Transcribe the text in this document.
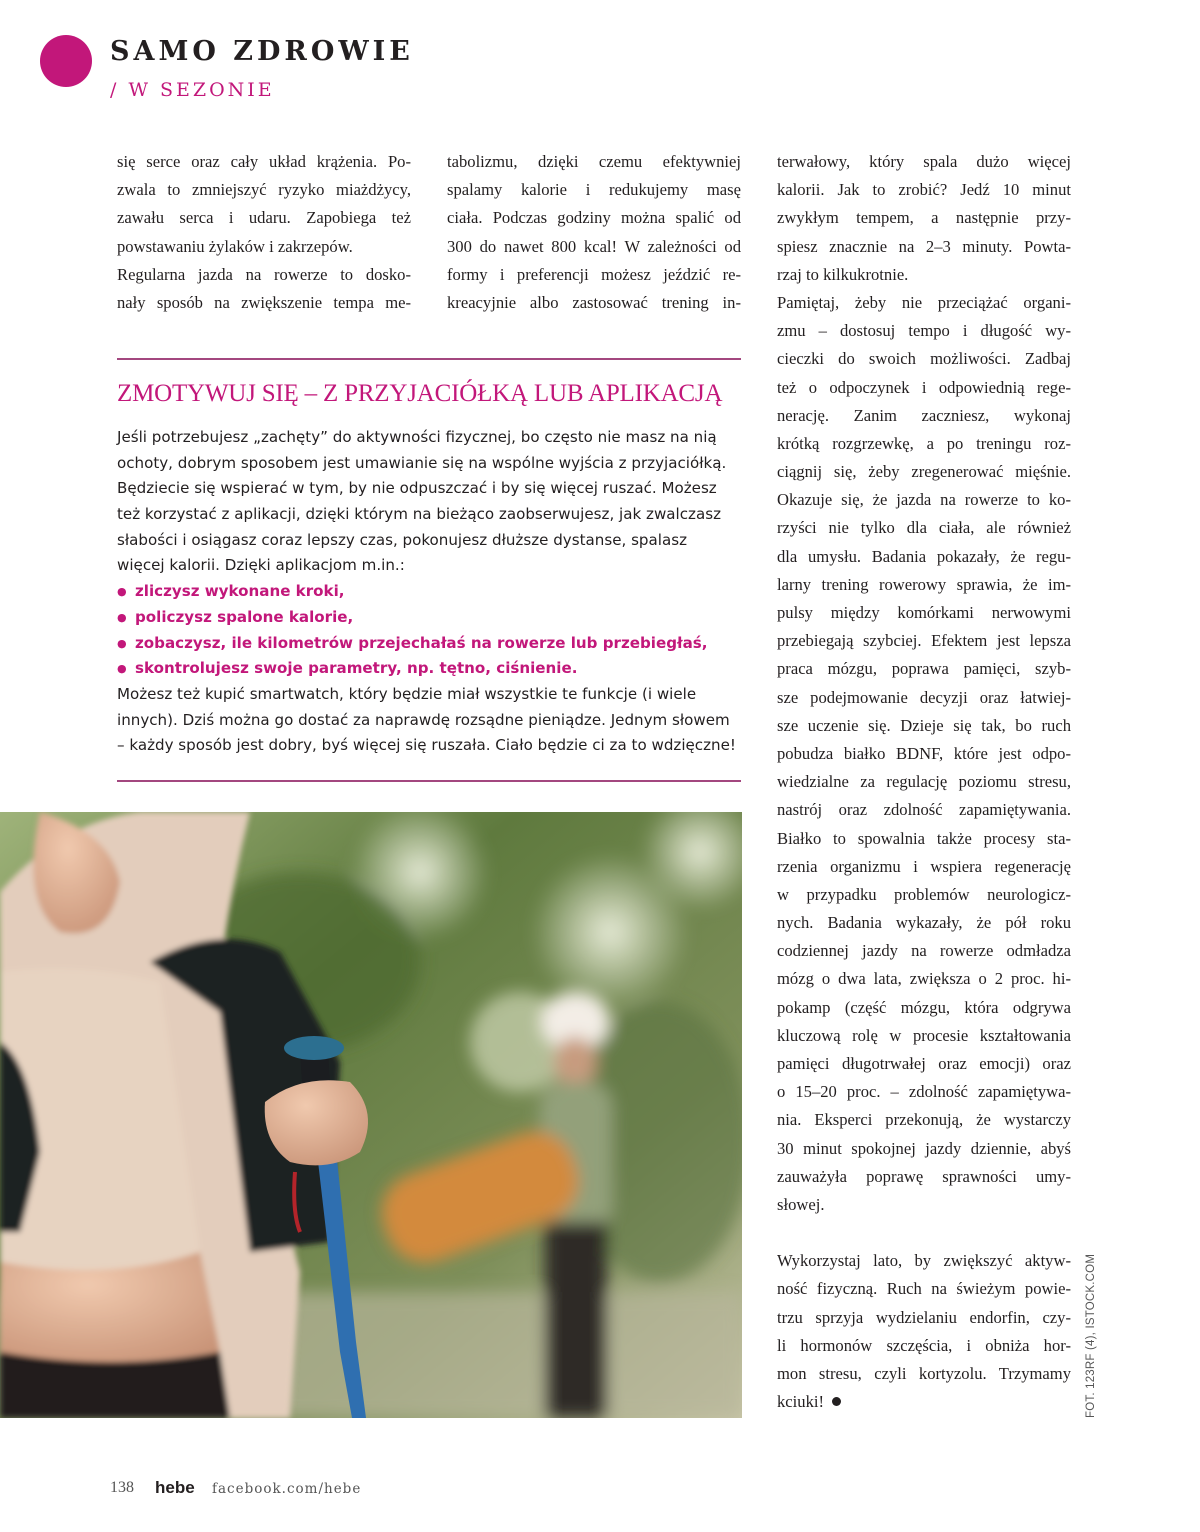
SAMO ZDROWIE
/ W SEZONIE
się serce oraz cały układ krążenia. Po-
zwala to zmniejszyć ryzyko miażdżycy,
zawału serca i udaru. Zapobiega też
powstawaniu żylaków i zakrzepów.
Regularna jazda na rowerze to dosko-
nały sposób na zwiększenie tempa me-
tabolizmu, dzięki czemu efektywniej
spalamy kalorie i redukujemy masę
ciała. Podczas godziny można spalić od
300 do nawet 800 kcal! W zależności od
formy i preferencji możesz jeździć re-
kreacyjnie albo zastosować trening in-
terwałowy, który spala dużo więcej
kalorii. Jak to zrobić? Jedź 10 minut
zwykłym tempem, a następnie przy-
spiesz znacznie na 2–3 minuty. Powta-
rzaj to kilkukrotnie.
Pamiętaj, żeby nie przeciążać organi-
zmu – dostosuj tempo i długość wy-
cieczki do swoich możliwości. Zadbaj
też o odpoczynek i odpowiednią rege-
nerację. Zanim zaczniesz, wykonaj
krótką rozgrzewkę, a po treningu roz-
ciągnij się, żeby zregenerować mięśnie.
Okazuje się, że jazda na rowerze to ko-
rzyści nie tylko dla ciała, ale również
dla umysłu. Badania pokazały, że regu-
larny trening rowerowy sprawia, że im-
pulsy między komórkami nerwowymi
przebiegają szybciej. Efektem jest lepsza
praca mózgu, poprawa pamięci, szyb-
sze podejmowanie decyzji oraz łatwiej-
sze uczenie się. Dzieje się tak, bo ruch
pobudza białko BDNF, które jest odpo-
wiedzialne za regulację poziomu stresu,
nastrój oraz zdolność zapamiętywania.
Białko to spowalnia także procesy sta-
rzenia organizmu i wspiera regenerację
w przypadku problemów neurologicz-
nych. Badania wykazały, że pół roku
codziennej jazdy na rowerze odmładza
mózg o dwa lata, zwiększa o 2 proc. hi-
pokamp (część mózgu, która odgrywa
kluczową rolę w procesie kształtowania
pamięci długotrwałej oraz emocji) oraz
o 15–20 proc. – zdolność zapamiętywa-
nia. Eksperci przekonują, że wystarczy
30 minut spokojnej jazdy dziennie, abyś
zauważyła poprawę sprawności umy-
słowej.
Wykorzystaj lato, by zwiększyć aktyw-
ność fizyczną. Ruch na świeżym powie-
trzu sprzyja wydzielaniu endorfin, czy-
li hormonów szczęścia, i obniża hor-
mon stresu, czyli kortyzolu. Trzymamy
kciuki!
ZMOTYWUJ SIĘ – Z PRZYJACIÓŁKĄ LUB APLIKACJĄ
Jeśli potrzebujesz „zachęty” do aktywności fizycznej, bo często nie masz na nią
ochoty, dobrym sposobem jest umawianie się na wspólne wyjścia z przyjaciółką.
Będziecie się wspierać w tym, by nie odpuszczać i by się więcej ruszać. Możesz
też korzystać z aplikacji, dzięki którym na bieżąco zaobserwujesz, jak zwalczasz
słabości i osiągasz coraz lepszy czas, pokonujesz dłuższe dystanse, spalasz
więcej kalorii. Dzięki aplikacjom m.in.:
● zliczysz wykonane kroki,
● policzysz spalone kalorie,
● zobaczysz, ile kilometrów przejechałaś na rowerze lub przebiegłaś,
● skontrolujesz swoje parametry, np. tętno, ciśnienie.
Możesz też kupić smartwatch, który będzie miał wszystkie te funkcje (i wiele
innych). Dziś można go dostać za naprawdę rozsądne pieniądze. Jednym słowem
– każdy sposób jest dobry, byś więcej się ruszała. Ciało będzie ci za to wdzięczne!
FOT. 123RF (4), ISTOCK.COM
138 hebe facebook.com/hebe
